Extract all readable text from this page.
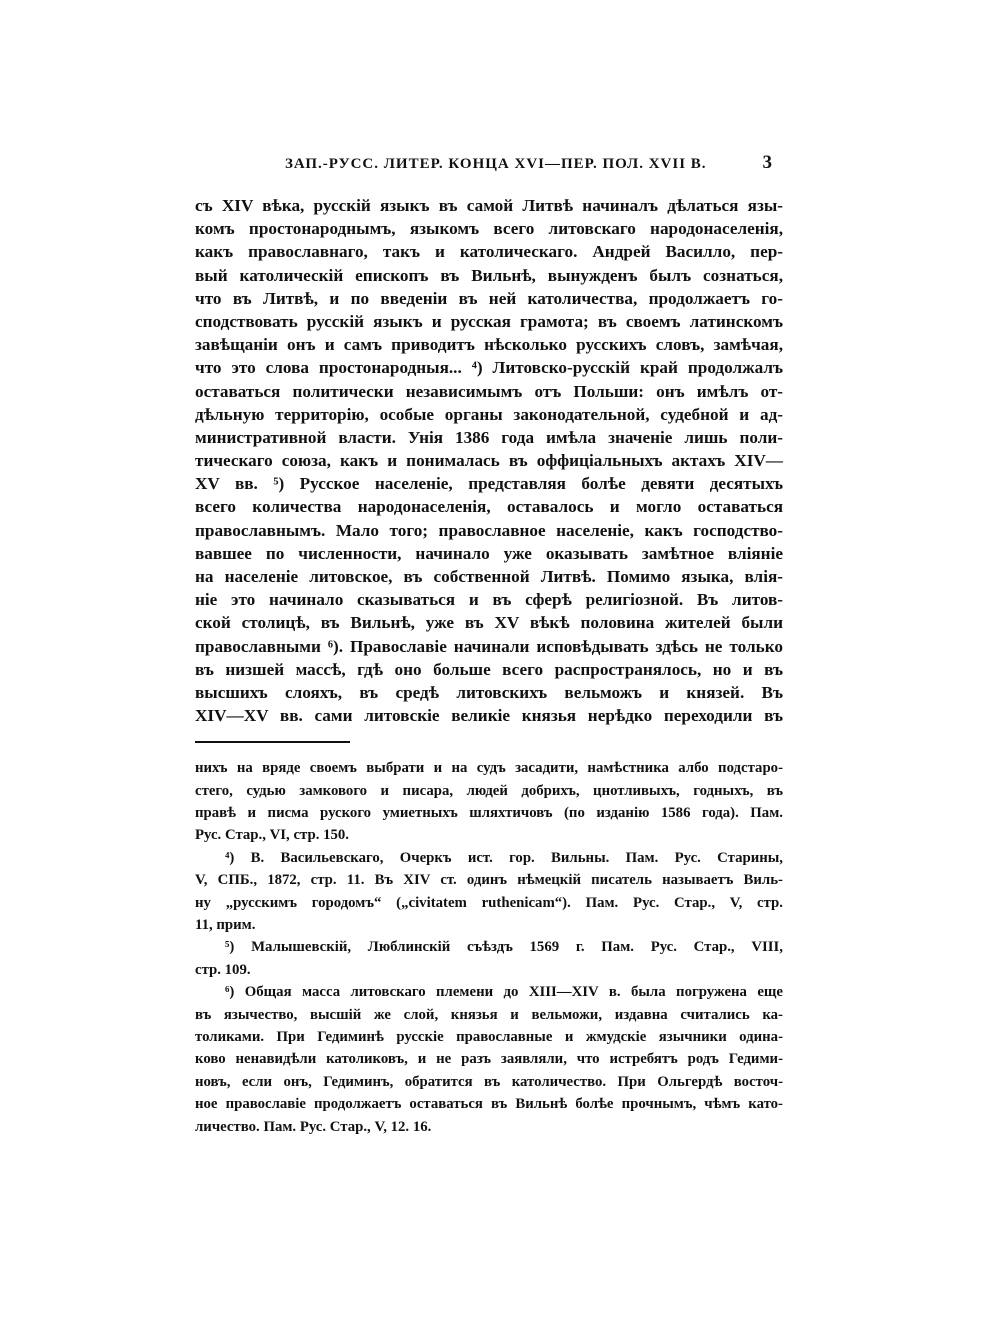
ЗАП.-РУСС. ЛИТЕР. КОНЦА XVI—ПЕР. ПОЛ. XVII В.	3
съ XIV вѣка, русскій языкъ въ самой Литвѣ начиналъ дѣлаться язы-
комъ простонароднымъ, языкомъ всего литовскаго народонаселенія,
какъ православнаго, такъ и католическаго. Андрей Василло, пер-
вый католическій епископъ въ Вильнѣ, вынужденъ былъ сознаться,
что въ Литвѣ, и по введеніи въ ней католичества, продолжаетъ го-
сподствовать русскій языкъ и русская грамота; въ своемъ латинскомъ
завѣщаніи онъ и самъ приводитъ нѣсколько русскихъ словъ, замѣчая,
что это слова простонародныя... ⁴) Литовско-русскій край продолжалъ
оставаться политически независимымъ отъ Польши: онъ имѣлъ от-
дѣльную территорію, особые органы законодательной, судебной и ад-
министративной власти. Унія 1386 года имѣла значеніе лишь поли-
тическаго союза, какъ и понималась въ оффиціальныхъ актахъ XIV—
XV вв. ⁵) Русское населеніе, представляя болѣе девяти десятыхъ
всего количества народонаселенія, оставалось и могло оставаться
православнымъ. Мало того; православное населеніе, какъ господство-
вавшее по численности, начинало уже оказывать замѣтное вліяніе
на населеніе литовское, въ собственной Литвѣ. Помимо языка, влія-
ніе это начинало сказываться и въ сферѣ религіозной. Въ литов-
ской столицѣ, въ Вильнѣ, уже въ XV вѣкѣ половина жителей были
православными ⁶). Православіе начинали исповѣдывать здѣсь не только
въ низшей массѣ, гдѣ оно больше всего распространялось, но и въ
высшихъ слояхъ, въ средѣ литовскихъ вельможъ и князей. Въ
XIV—XV вв. сами литовскіе великіе князья нерѣдко переходили въ
нихъ на вряде своемъ выбрати и на судъ засадити, намѣстника албо подстаро-
стего, судью замкового и писара, людей добрихъ, цнотливыхъ, годныхъ, въ
правѣ и писма руского умиетныхъ шляхтичовъ (по изданію 1586 года). Пам.
Рус. Стар., VI, стр. 150.
⁴) В. Васильевскаго, Очеркъ ист. гор. Вильны. Пам. Рус. Старины,
V, СПБ., 1872, стр. 11. Въ XIV ст. одинъ нѣмецкій писатель называетъ Виль-
ну „русскимъ городомъ“ („civitatem ruthenicam“). Пам. Рус. Стар., V, стр.
11, прим.
⁵) Малышевскій, Люблинскій съѣздъ 1569 г. Пам. Рус. Стар., VIII,
стр. 109.
⁶) Общая масса литовскаго племени до XIII—XIV в. была погружена еще
въ язычество, высшій же слой, князья и вельможи, издавна считались ка-
толиками. При Гедиминѣ русскіе православные и жмудскіе язычники одина-
ково ненавидѣли католиковъ, и не разъ заявляли, что истребятъ родъ Гедими-
новъ, если онъ, Гедиминъ, обратится въ католичество. При Ольгердѣ восточ-
ное православіе продолжаетъ оставаться въ Вильнѣ болѣе прочнымъ, чѣмъ като-
личество. Пам. Рус. Стар., V, 12. 16.
